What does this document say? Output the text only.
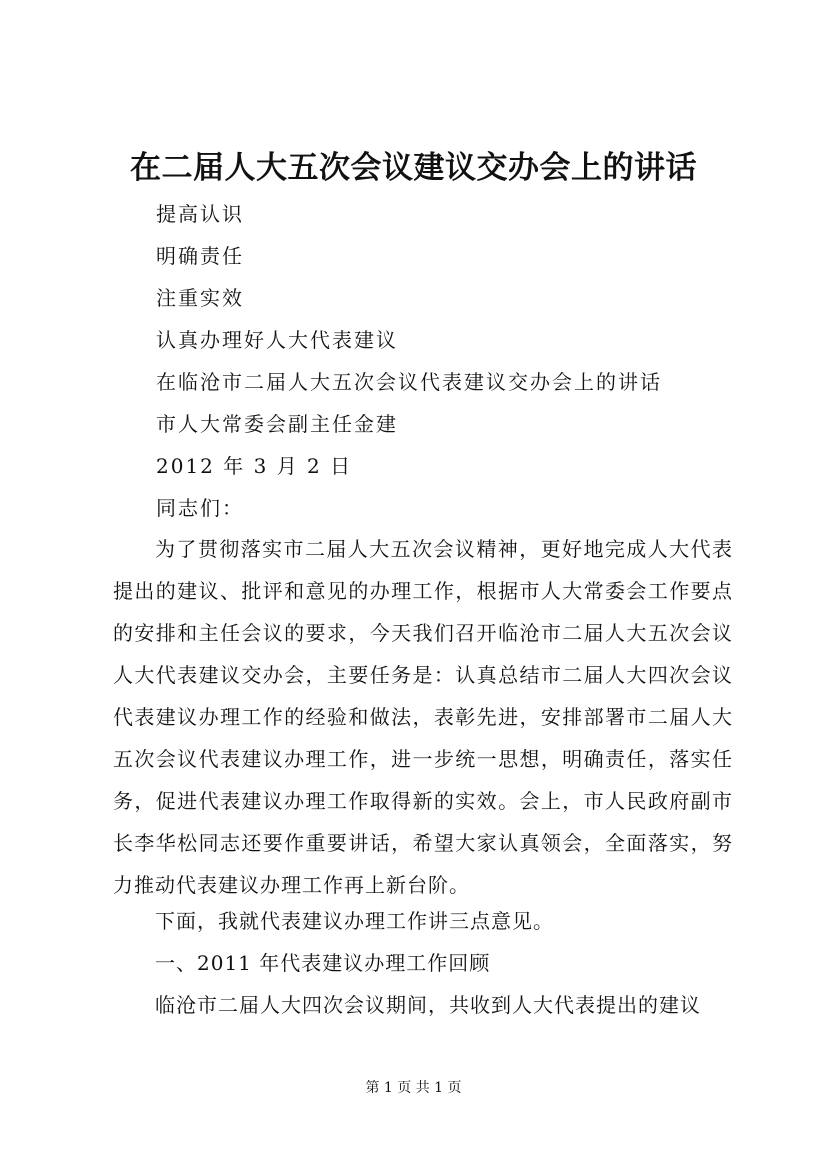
在二届人大五次会议建议交办会上的讲话
提高认识
明确责任
注重实效
认真办理好人大代表建议
在临沧市二届人大五次会议代表建议交办会上的讲话
市人大常委会副主任金建
2012 年 3 月 2 日
同志们：
为了贯彻落实市二届人大五次会议精神，更好地完成人大代表提出的建议、批评和意见的办理工作，根据市人大常委会工作要点的安排和主任会议的要求，今天我们召开临沧市二届人大五次会议人大代表建议交办会，主要任务是：认真总结市二届人大四次会议代表建议办理工作的经验和做法，表彰先进，安排部署市二届人大五次会议代表建议办理工作，进一步统一思想，明确责任，落实任务，促进代表建议办理工作取得新的实效。会上，市人民政府副市长李华松同志还要作重要讲话，希望大家认真领会，全面落实，努力推动代表建议办理工作再上新台阶。
下面，我就代表建议办理工作讲三点意见。
一、2011 年代表建议办理工作回顾
临沧市二届人大四次会议期间，共收到人大代表提出的建议
第 1 页 共 1 页
